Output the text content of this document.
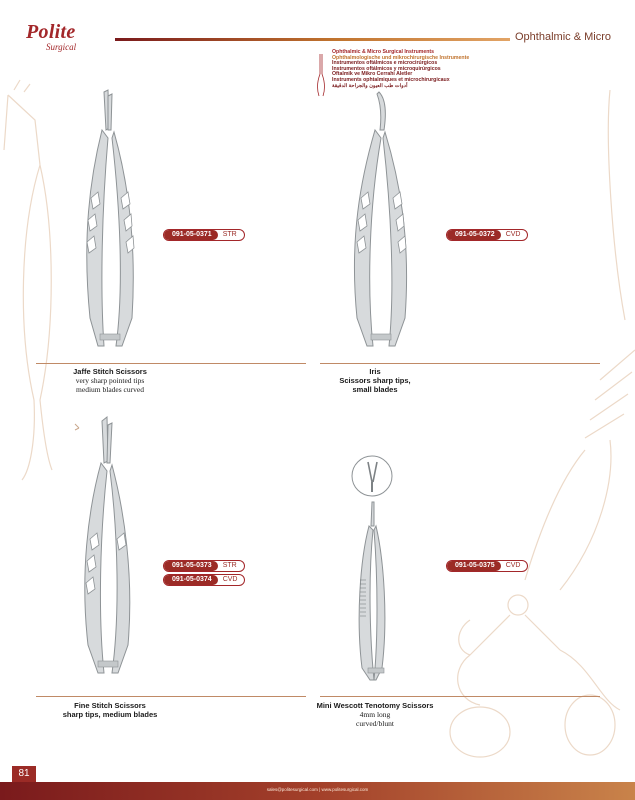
Polite
Surgical
Ophthalmic & Micro
Ophthalmic & Micro Surgical Instruments
Ophthalmologische und mikrochirurgische Instrumente
Instrumentos oftálmicos e microcirúrgicos
Instrumentos oftálmicos y microquirúrgicos
Oftalmik ve Mikro Cerrahi Aletler
Instruments ophtalmiques et microchirurgicaux
أدوات طب العيون والجراحة الدقيقة
091-05-0371	STR	091-05-0372	CVD
Jaffe Stitch Scissors
very sharp pointed tips
medium blades curved
Iris
Scissors sharp tips,
small blades
091-05-0373	STR
091-05-0374	CVD
091-05-0375	CVD
Fine Stitch Scissors
sharp tips, medium blades
Mini Wescott Tenotomy Scissors
4mm long
curved/blunt
81
sales@politesurgical.com | www.politesurgical.com
